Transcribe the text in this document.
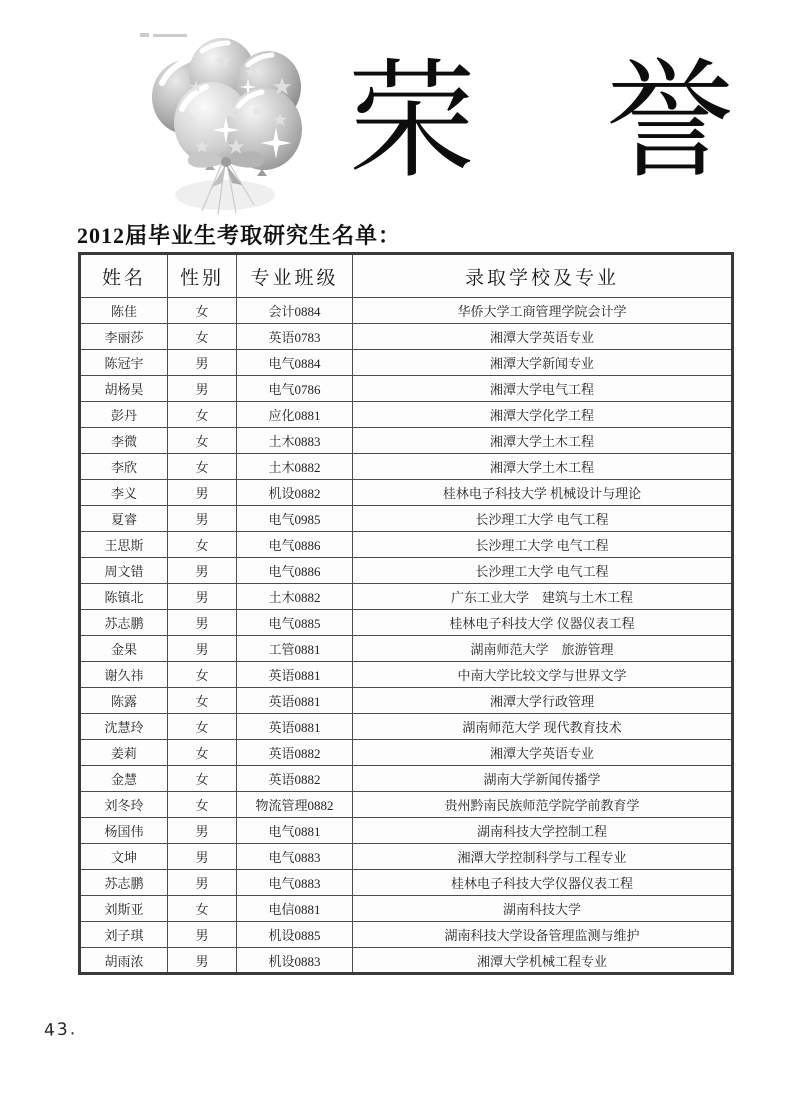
荣 誉
2012届毕业生考取研究生名单：
姓名	性别	专业班级	录取学校及专业
陈佳	女	会计0884	华侨大学工商管理学院会计学
李丽莎	女	英语0783	湘潭大学英语专业
陈冠宇	男	电气0884	湘潭大学新闻专业
胡杨昊	男	电气0786	湘潭大学电气工程
彭丹	女	应化0881	湘潭大学化学工程
李微	女	土木0883	湘潭大学土木工程
李欣	女	土木0882	湘潭大学土木工程
李义	男	机设0882	桂林电子科技大学 机械设计与理论
夏睿	男	电气0985	长沙理工大学 电气工程
王思斯	女	电气0886	长沙理工大学 电气工程
周文错	男	电气0886	长沙理工大学 电气工程
陈镇北	男	土木0882	广东工业大学　建筑与土木工程
苏志鹏	男	电气0885	桂林电子科技大学 仪器仪表工程
金果	男	工管0881	湖南师范大学　旅游管理
谢久祎	女	英语0881	中南大学比较文学与世界文学
陈露	女	英语0881	湘潭大学行政管理
沈慧玲	女	英语0881	湖南师范大学 现代教育技术
姜莉	女	英语0882	湘潭大学英语专业
金慧	女	英语0882	湖南大学新闻传播学
刘冬玲	女	物流管理0882	贵州黔南民族师范学院学前教育学
杨国伟	男	电气0881	湖南科技大学控制工程
文坤	男	电气0883	湘潭大学控制科学与工程专业
苏志鹏	男	电气0883	桂林电子科技大学仪器仪表工程
刘斯亚	女	电信0881	湖南科技大学
刘子琪	男	机设0885	湖南科技大学设备管理监测与维护
胡雨浓	男	机设0883	湘潭大学机械工程专业
43.
